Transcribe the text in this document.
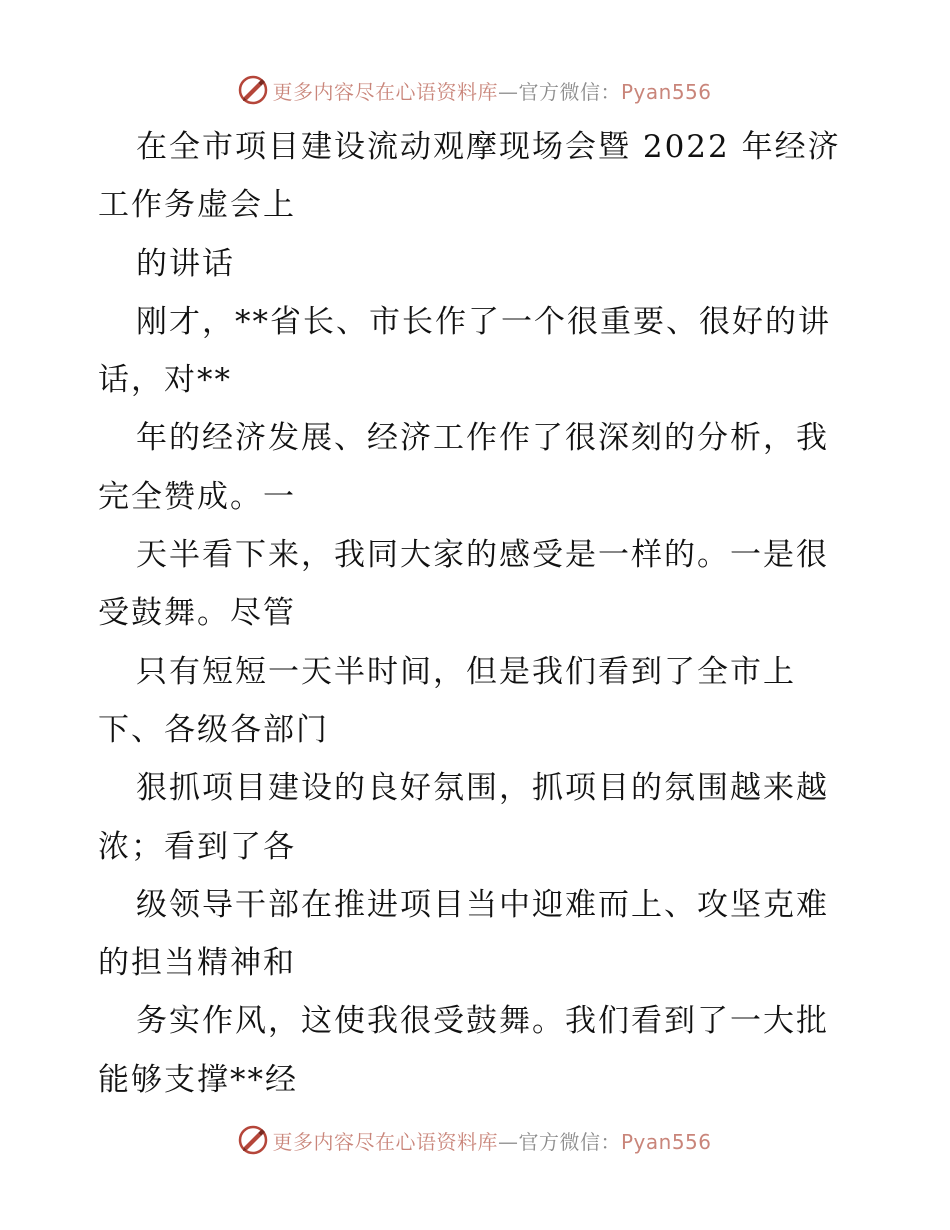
更多内容尽在心语资料库—官方微信：Pyan556
在全市项目建设流动观摩现场会暨 2022 年经济
工作务虚会上
的讲话
刚才，**省长、市长作了一个很重要、很好的讲
话，对**
年的经济发展、经济工作作了很深刻的分析，我
完全赞成。一
天半看下来，我同大家的感受是一样的。一是很
受鼓舞。尽管
只有短短一天半时间，但是我们看到了全市上
下、各级各部门
狠抓项目建设的良好氛围，抓项目的氛围越来越
浓；看到了各
级领导干部在推进项目当中迎难而上、攻坚克难
的担当精神和
务实作风，这使我很受鼓舞。我们看到了一大批
能够支撑**经
更多内容尽在心语资料库—官方微信：Pyan556
